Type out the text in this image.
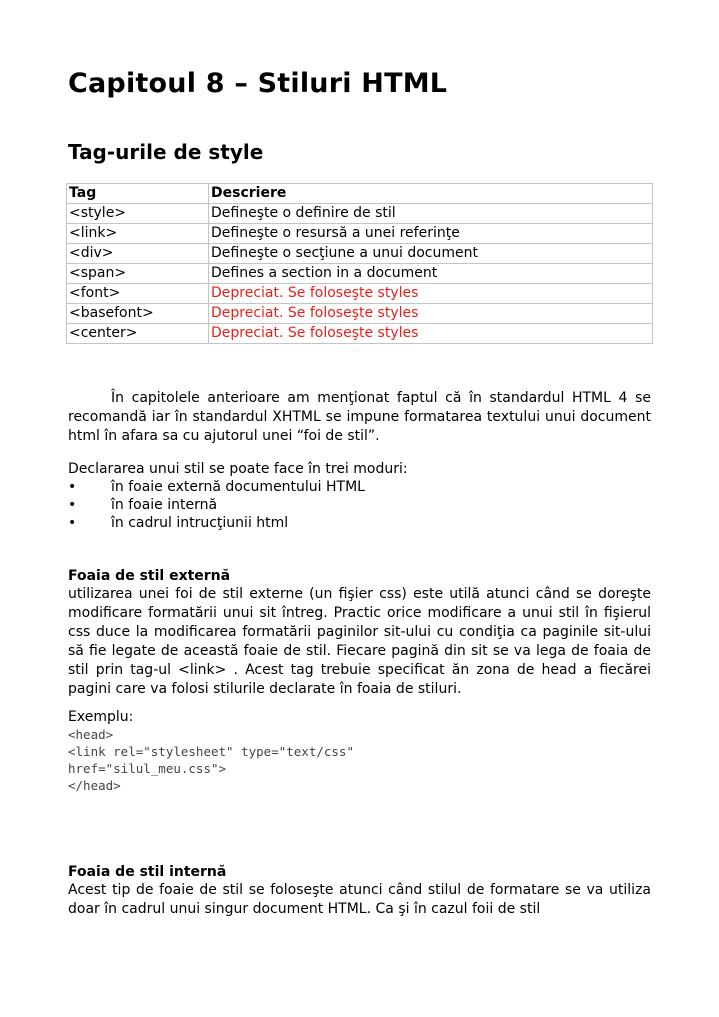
Capitoul 8 – Stiluri HTML
Tag-urile de style
Tag	Descriere
<style>	Defineşte o definire de stil
<link>	Defineşte o resursă a unei referinţe
<div>	Defineşte o secţiune a unui document
<span>	Defines a section in a document
<font>	Depreciat. Se foloseşte styles
<basefont>	Depreciat. Se foloseşte styles
<center>	Depreciat. Se foloseşte styles

În capitolele anterioare am menţionat faptul că în standardul HTML 4 se recomandă iar în standardul XHTML se impune formatarea textului unui document html în afara sa cu ajutorul unei “foi de stil”.

Declararea unui stil se poate face în trei moduri:

• în foaie externă documentului HTML
• în foaie internă
• în cadrul intrucţiunii html

Foaia de stil externă

utilizarea unei foi de stil externe (un fişier css) este utilă atunci când se doreşte modificare formatării unui sit întreg. Practic orice modificare a unui stil în fişierul css duce la modificarea formatării paginilor sit-ului cu condiţia ca paginile sit-ului să fie legate de această foaie de stil. Fiecare pagină din sit se va lega de foaia de stil prin tag-ul <link> . Acest tag trebuie specificat ăn zona de head a fiecărei pagini care va folosi stilurile declarate în foaia de stiluri.

Exemplu:

<head>
<link rel="stylesheet" type="text/css"
href="silul_meu.css">
</head>

Foaia de stil internă

Acest tip de foaie de stil se foloseşte atunci când stilul de formatare se va utiliza doar în cadrul unui singur document HTML. Ca şi în cazul foii de stil
